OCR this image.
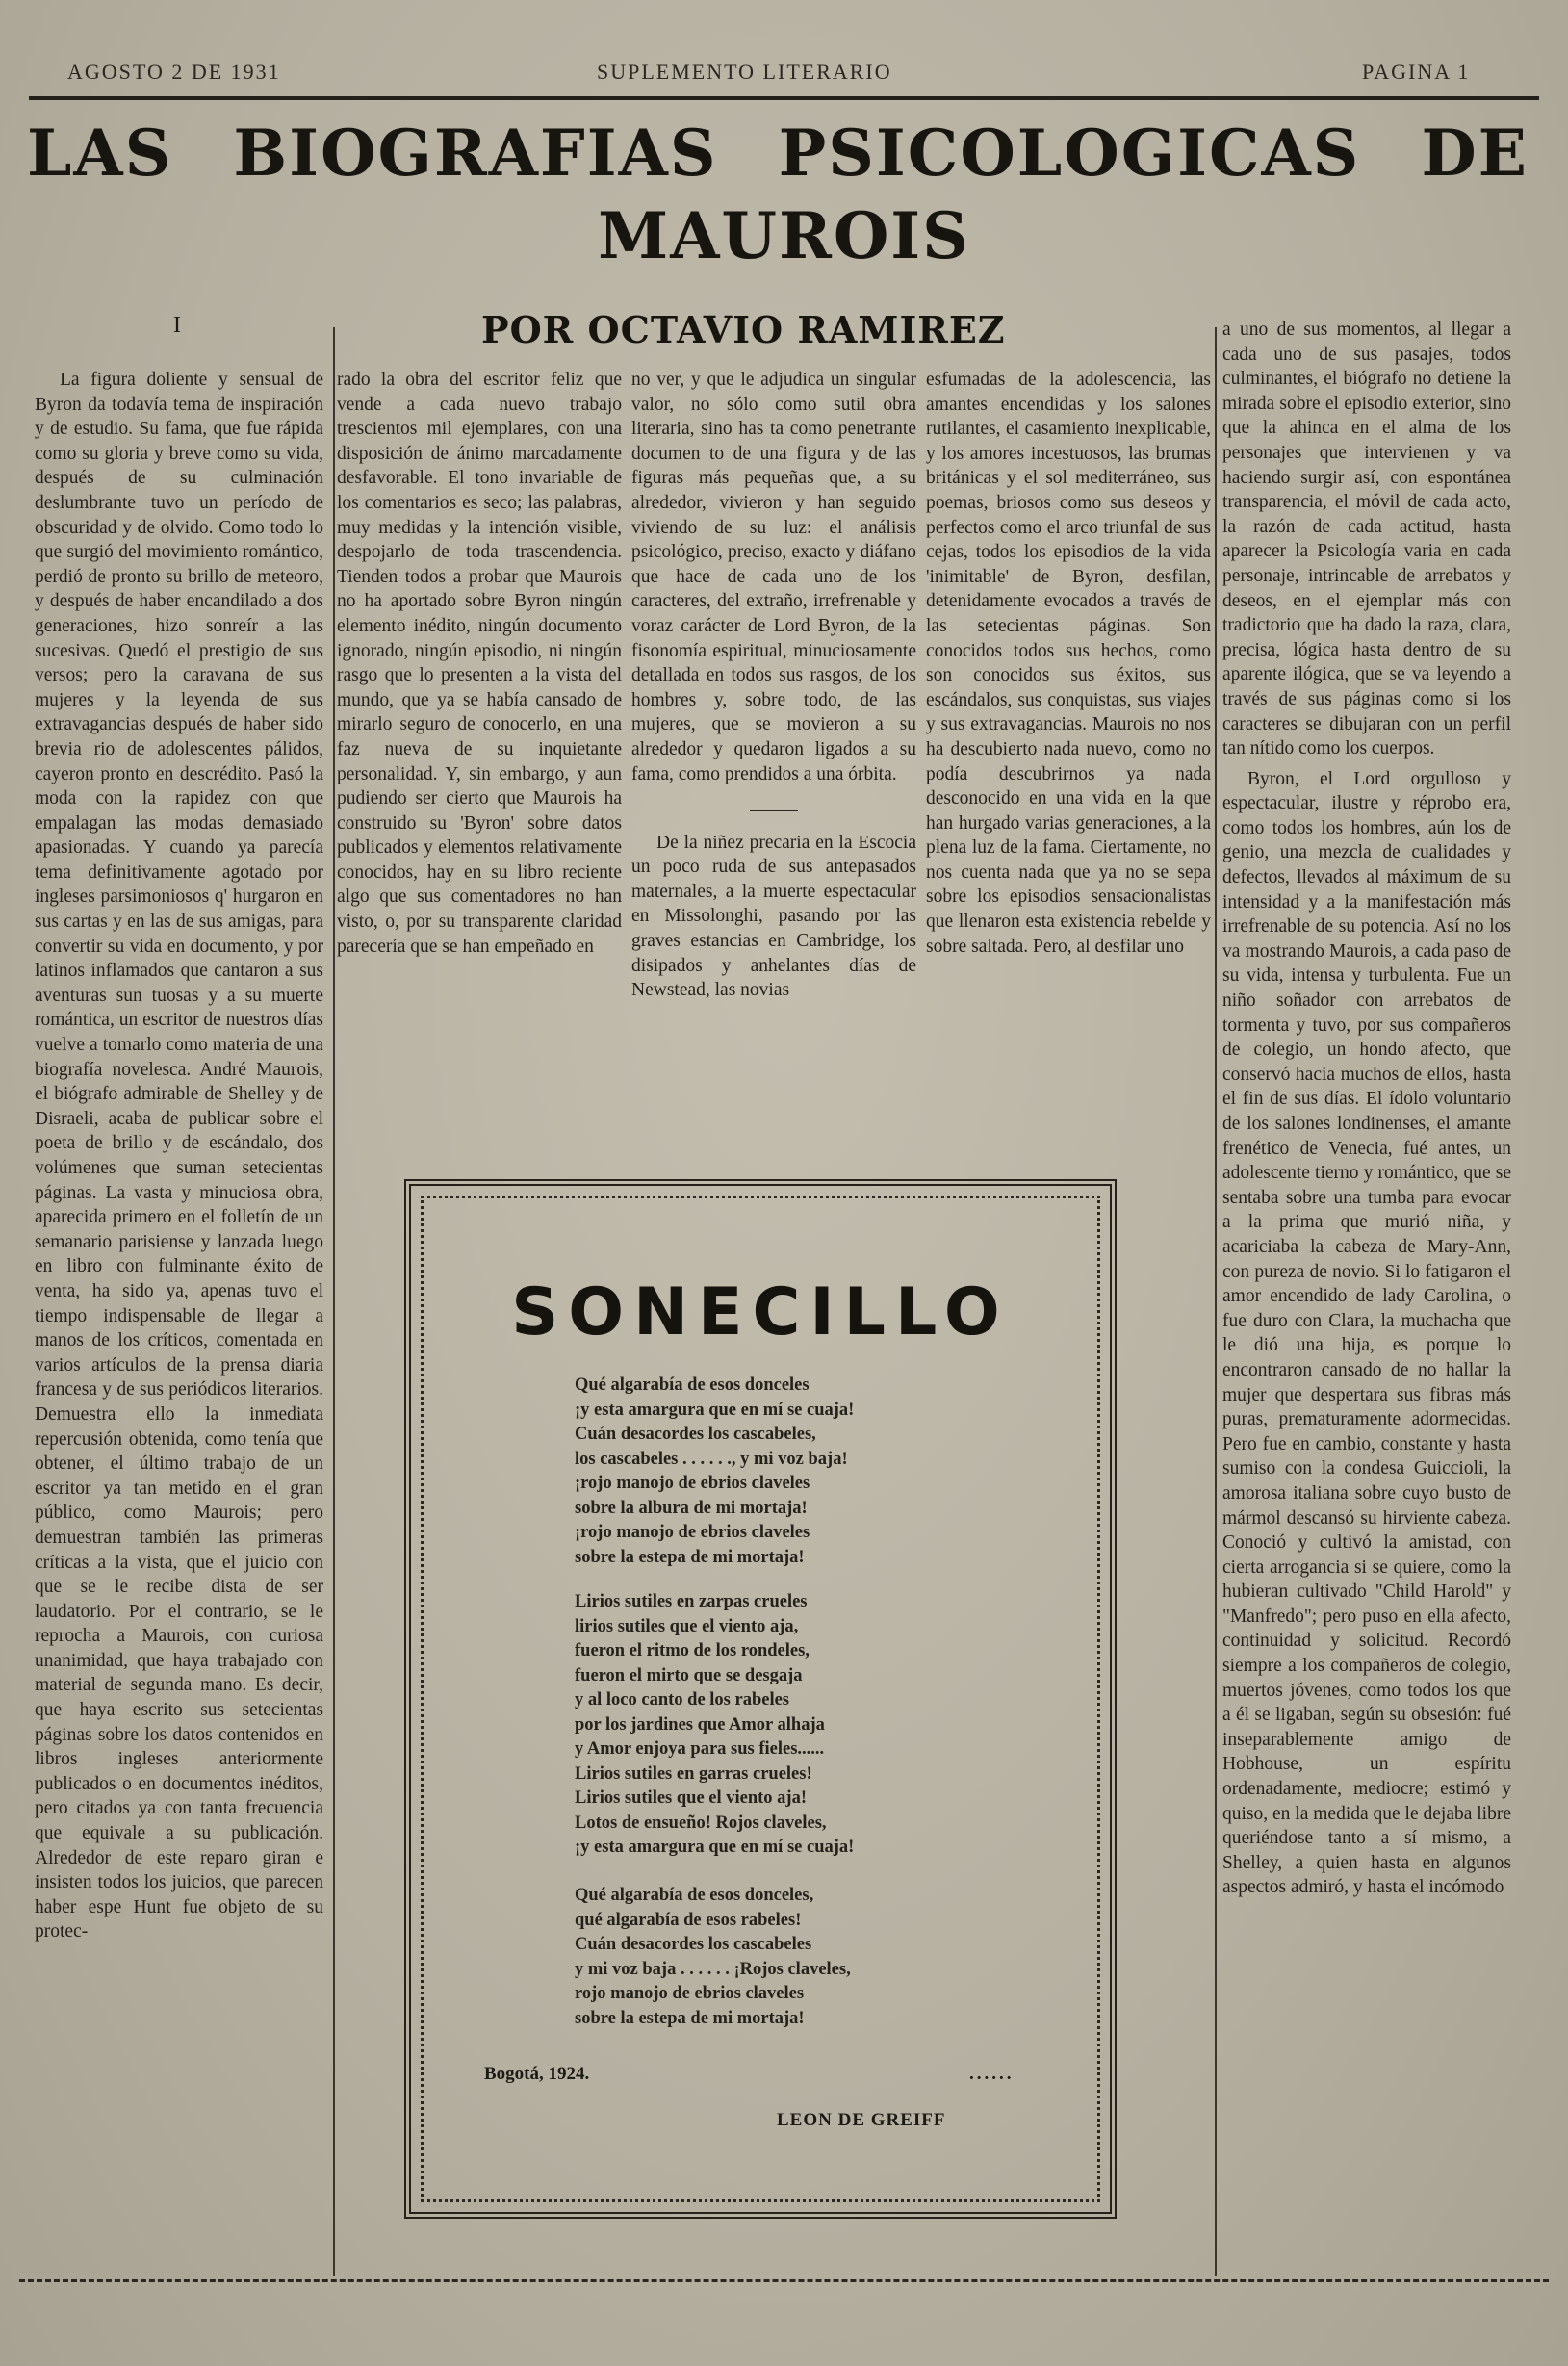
AGOSTO 2 DE 1931	SUPLEMENTO LITERARIO	PAGINA 1
LAS BIOGRAFIAS PSICOLOGICAS DE
MAUROIS
I	POR OCTAVIO RAMIREZ

La figura doliente y sensual de Byron da todavía tema de inspiración y de estudio. Su fama, que fue rápida como su gloria y breve como su vida, después de su culminación deslumbrante tuvo un período de obscuridad y de olvido. Como todo lo que surgió del movimiento romántico, perdió de pronto su brillo de meteoro, y después de haber encandilado a dos generaciones, hizo sonreír a las sucesivas. Quedó el prestigio de sus versos; pero la caravana de sus mujeres y la leyenda de sus extravagancias después de haber sido brevia rio de adolescentes pálidos, cayeron pronto en descrédito. Pasó la moda con la rapidez con que empalagan las modas demasiado apasionadas. Y cuando ya parecía tema definitivamente agotado por ingleses parsimoniosos q' hurgaron en sus cartas y en las de sus amigas, para convertir su vida en documento, y por latinos inflamados que cantaron a sus aventuras sun tuosas y a su muerte romántica, un escritor de nuestros días vuelve a tomarlo como materia de una biografía novelesca. André Maurois, el biógrafo admirable de Shelley y de Disraeli, acaba de publicar sobre el poeta de brillo y de escándalo, dos volúmenes que suman setecientas páginas. La vasta y minuciosa obra, aparecida primero en el folletín de un semanario parisiense y lanzada luego en libro con fulminante éxito de venta, ha sido ya, apenas tuvo el tiempo indispensable de llegar a manos de los críticos, comentada en varios artículos de la prensa diaria francesa y de sus periódicos literarios. Demuestra ello la inmediata repercusión obtenida, como tenía que obtener, el último trabajo de un escritor ya tan metido en el gran público, como Maurois; pero demuestran también las primeras críticas a la vista, que el juicio con que se le recibe dista de ser laudatorio. Por el contrario, se le reprocha a Maurois, con curiosa unanimidad, que haya trabajado con material de segunda mano. Es decir, que haya escrito sus setecientas páginas sobre los datos contenidos en libros ingleses anteriormente publicados o en documentos inéditos, pero citados ya con tanta frecuencia que equivale a su publicación. Alrededor de este reparo giran e insisten todos los juicios, que parecen haber espe Hunt fue objeto de su protec-

rado la obra del escritor feliz que vende a cada nuevo trabajo trescientos mil ejemplares, con una disposición de ánimo marcadamente desfavorable. El tono invariable de los comentarios es seco; las palabras, muy medidas y la intención visible, despojarlo de toda trascendencia. Tienden todos a probar que Maurois no ha aportado sobre Byron ningún elemento inédito, ningún documento ignorado, ningún episodio, ni ningún rasgo que lo presenten a la vista del mundo, que ya se había cansado de mirarlo seguro de conocerlo, en una faz nueva de su inquietante personalidad. Y, sin embargo, y aun pudiendo ser cierto que Maurois ha construido su 'Byron' sobre datos publicados y elementos relativamente conocidos, hay en su libro reciente algo que sus comentadores no han visto, o, por su transparente claridad parecería que se han empeñado en

no ver, y que le adjudica un singular valor, no sólo como sutil obra literaria, sino has ta como penetrante documen to de una figura y de las figuras más pequeñas que, a su alrededor, vivieron y han seguido viviendo de su luz: el análisis psicológico, preciso, exacto y diáfano que hace de cada uno de los caracteres, del extraño, irrefrenable y voraz carácter de Lord Byron, de la fisonomía espiritual, minuciosamente detallada en todos sus rasgos, de los hombres y, sobre todo, de las mujeres, que se movieron a su alrededor y quedaron ligados a su fama, como prendidos a una órbita.

De la niñez precaria en la Escocia un poco ruda de sus antepasados maternales, a la muerte espectacular en Missolonghi, pasando por las graves estancias en Cambridge, los disipados y anhelantes días de Newstead, las novias

esfumadas de la adolescencia, las amantes encendidas y los salones rutilantes, el casamiento inexplicable, y los amores incestuosos, las brumas británicas y el sol mediterráneo, sus poemas, briosos como sus deseos y perfectos como el arco triunfal de sus cejas, todos los episodios de la vida 'inimitable' de Byron, desfilan, detenidamente evocados a través de las setecientas páginas. Son conocidos todos sus hechos, como son conocidos sus éxitos, sus escándalos, sus conquistas, sus viajes y sus extravagancias. Maurois no nos ha descubierto nada nuevo, como no podía descubrirnos ya nada desconocido en una vida en la que han hurgado varias generaciones, a la plena luz de la fama. Ciertamente, no nos cuenta nada que ya no se sepa sobre los episodios sensacionalistas que llenaron esta existencia rebelde y sobre saltada. Pero, al desfilar uno

a uno de sus momentos, al llegar a cada uno de sus pasajes, todos culminantes, el biógrafo no detiene la mirada sobre el episodio exterior, sino que la ahinca en el alma de los personajes que intervienen y va haciendo surgir así, con espontánea transparencia, el móvil de cada acto, la razón de cada actitud, hasta aparecer la Psicología varia en cada personaje, intrincable de arrebatos y deseos, en el ejemplar más con tradictorio que ha dado la raza, clara, precisa, lógica hasta dentro de su aparente ilógica, que se va leyendo a través de sus páginas como si los caracteres se dibujaran con un perfil tan nítido como los cuerpos.

Byron, el Lord orgulloso y espectacular, ilustre y réprobo era, como todos los hombres, aún los de genio, una mezcla de cualidades y defectos, llevados al máximum de su intensidad y a la manifestación más irrefrenable de su potencia. Así no los va mostrando Maurois, a cada paso de su vida, intensa y turbulenta. Fue un niño soñador con arrebatos de tormenta y tuvo, por sus compañeros de colegio, un hondo afecto, que conservó hacia muchos de ellos, hasta el fin de sus días. El ídolo voluntario de los salones londinenses, el amante frenético de Venecia, fué antes, un adolescente tierno y romántico, que se sentaba sobre una tumba para evocar a la prima que murió niña, y acariciaba la cabeza de Mary-Ann, con pureza de novio. Si lo fatigaron el amor encendido de lady Carolina, o fue duro con Clara, la muchacha que le dió una hija, es porque lo encontraron cansado de no hallar la mujer que despertara sus fibras más puras, prematuramente adormecidas. Pero fue en cambio, constante y hasta sumiso con la condesa Guiccioli, la amorosa italiana sobre cuyo busto de mármol descansó su hirviente cabeza. Conoció y cultivó la amistad, con cierta arrogancia si se quiere, como la hubieran cultivado "Child Harold" y "Manfredo"; pero puso en ella afecto, continuidad y solicitud. Recordó siempre a los compañeros de colegio, muertos jóvenes, como todos los que a él se ligaban, según su obsesión: fué inseparablemente amigo de Hobhouse, un espíritu ordenadamente, mediocre; estimó y quiso, en la medida que le dejaba libre queriéndose tanto a sí mismo, a Shelley, a quien hasta en algunos aspectos admiró, y hasta el incómodo

SONECILLO
Qué algarabía de esos donceles
¡y esta amargura que en mí se cuaja!
Cuán desacordes los cascabeles,
los cascabeles . . . . . ., y mi voz baja!
¡rojo manojo de ebrios claveles
sobre la albura de mi mortaja!
¡rojo manojo de ebrios claveles
sobre la estepa de mi mortaja!
Lirios sutiles en zarpas crueles
lirios sutiles que el viento aja,
fueron el ritmo de los rondeles,
fueron el mirto que se desgaja
y al loco canto de los rabeles
por los jardines que Amor alhaja
y Amor enjoya para sus fieles......
Lirios sutiles en garras crueles!
Lirios sutiles que el viento aja!
Lotos de ensueño! Rojos claveles,
¡y esta amargura que en mí se cuaja!
Qué algarabía de esos donceles,
qué algarabía de esos rabeles!
Cuán desacordes los cascabeles
y mi voz baja . . . . . . ¡Rojos claveles,
rojo manojo de ebrios claveles
sobre la estepa de mi mortaja!
Bogotá, 1924.	......
LEON DE GREIFF
